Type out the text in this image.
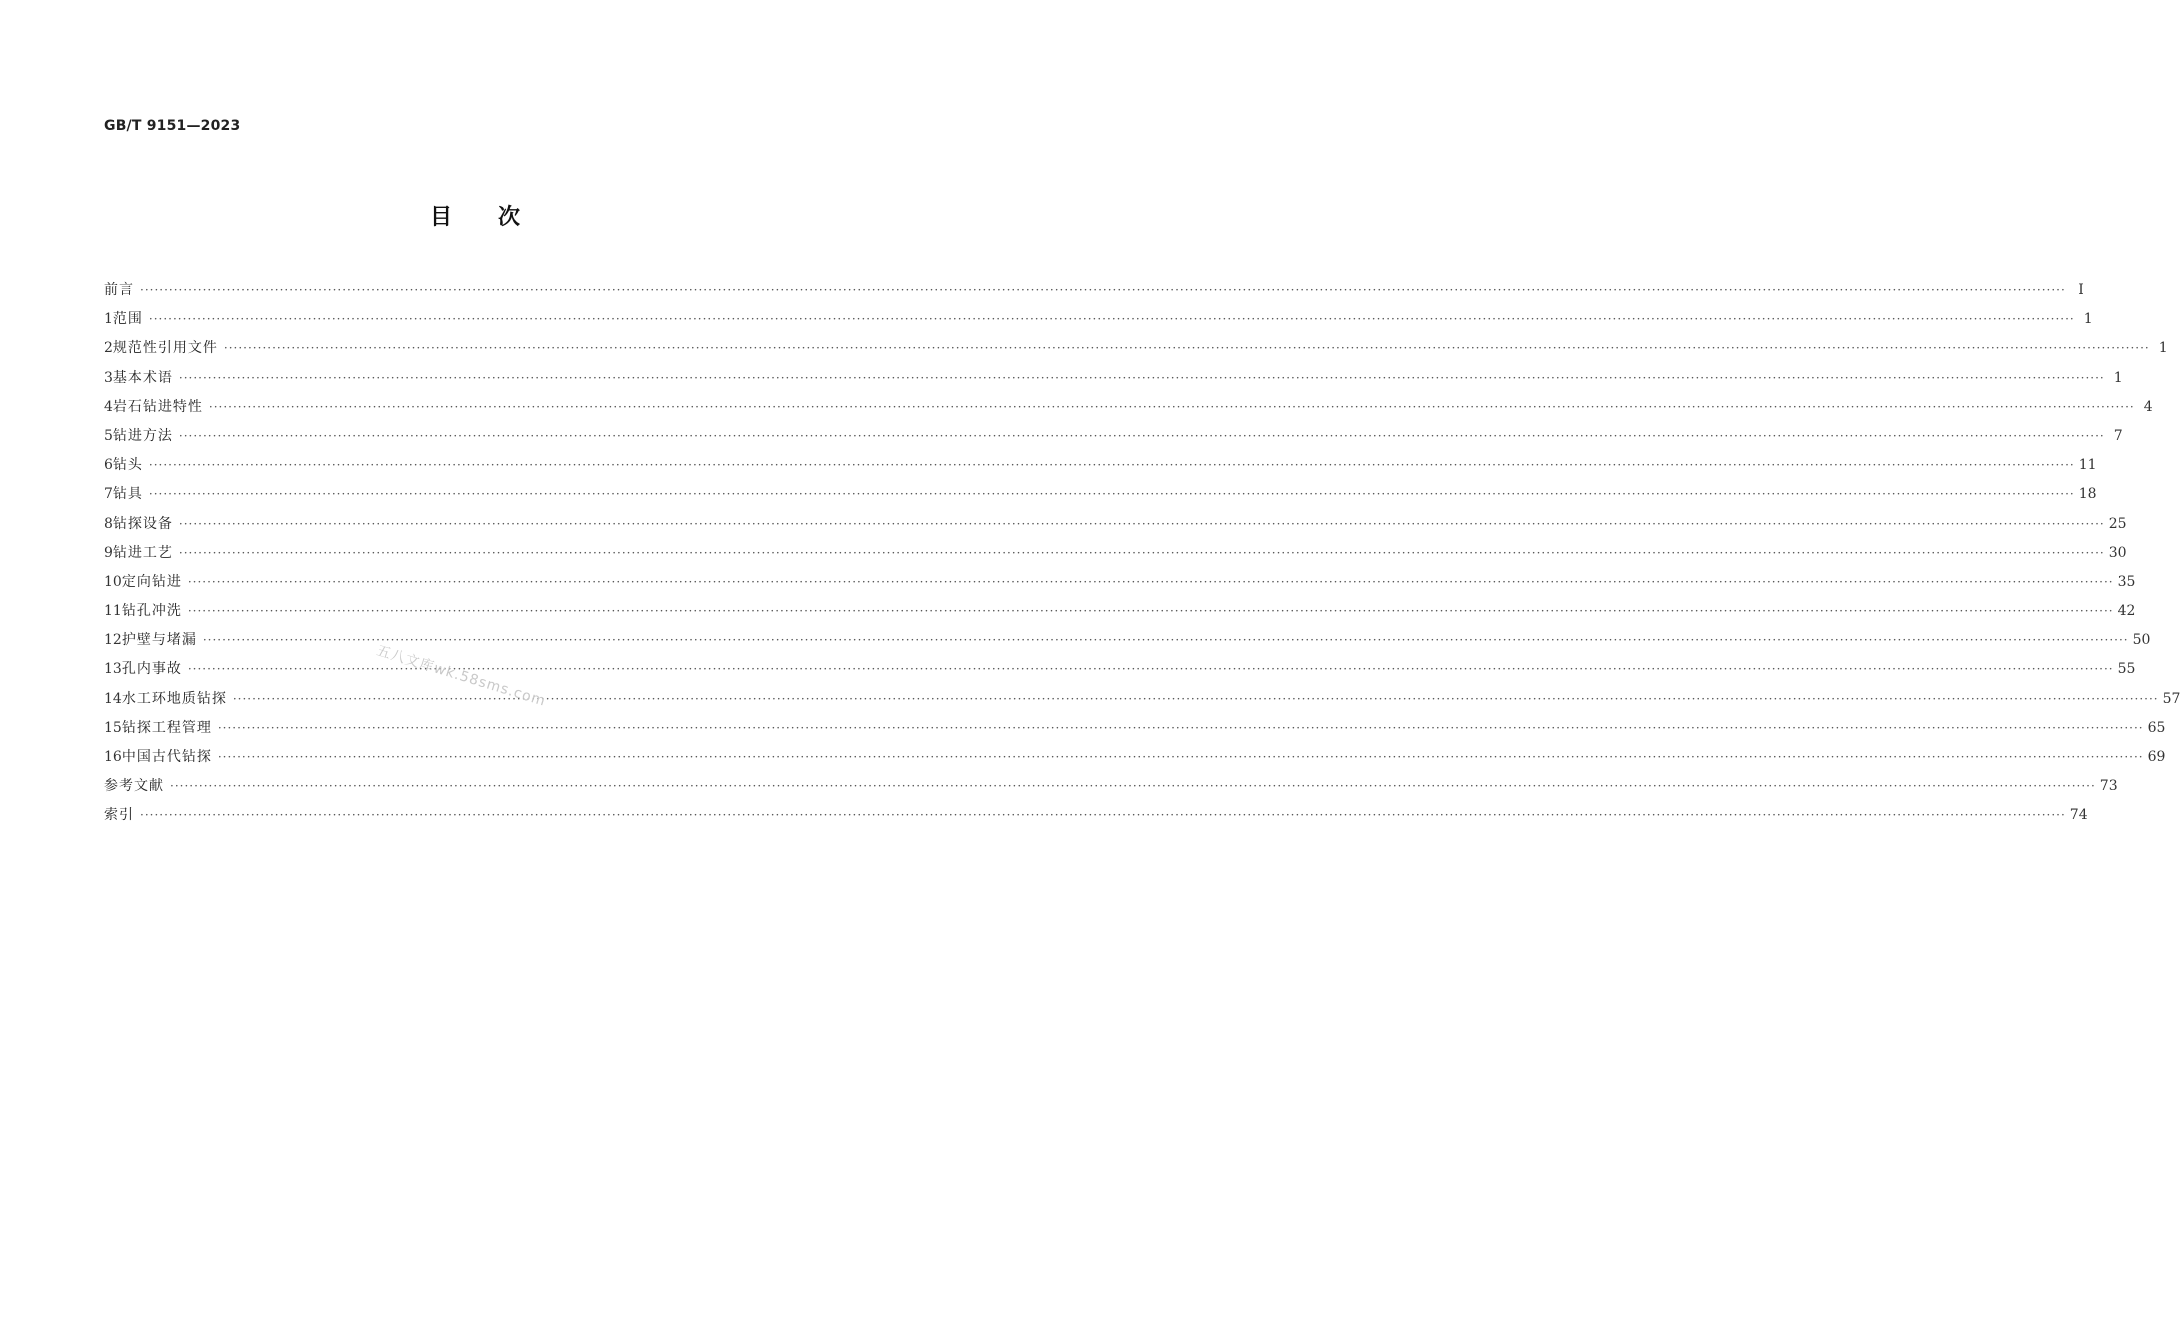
GB/T 9151—2023
目次
前言 ················································································································································································································································································································································································································ Ⅰ
1 范围 ················································································································································································································································································································································································································ 1
2 规范性引用文件 ················································································································································································································································································································································································································ 1
3 基本术语 ················································································································································································································································································································································································································ 1
4 岩石钻进特性 ················································································································································································································································································································································································································ 4
5 钻进方法 ················································································································································································································································································································································································································ 7
6 钻头 ················································································································································································································································································································································································································ 11
7 钻具 ················································································································································································································································································································································································································ 18
8 钻探设备 ················································································································································································································································································································································································································ 25
9 钻进工艺 ················································································································································································································································································································································································································ 30
10 定向钻进 ················································································································································································································································································································································································································ 35
11 钻孔冲洗 ················································································································································································································································································································································································································ 42
12 护壁与堵漏 ················································································································································································································································································································································································································ 50
13 孔内事故 ················································································································································································································································································································································································································ 55
14 水工环地质钻探 ················································································································································································································································································································································································································ 57
15 钻探工程管理 ················································································································································································································································································································································································································ 65
16 中国古代钻探 ················································································································································································································································································································································································································ 69
参考文献 ················································································································································································································································································································································································································ 73
索引 ················································································································································································································································································································································································································ 74
五八文库wk.58sms.com
